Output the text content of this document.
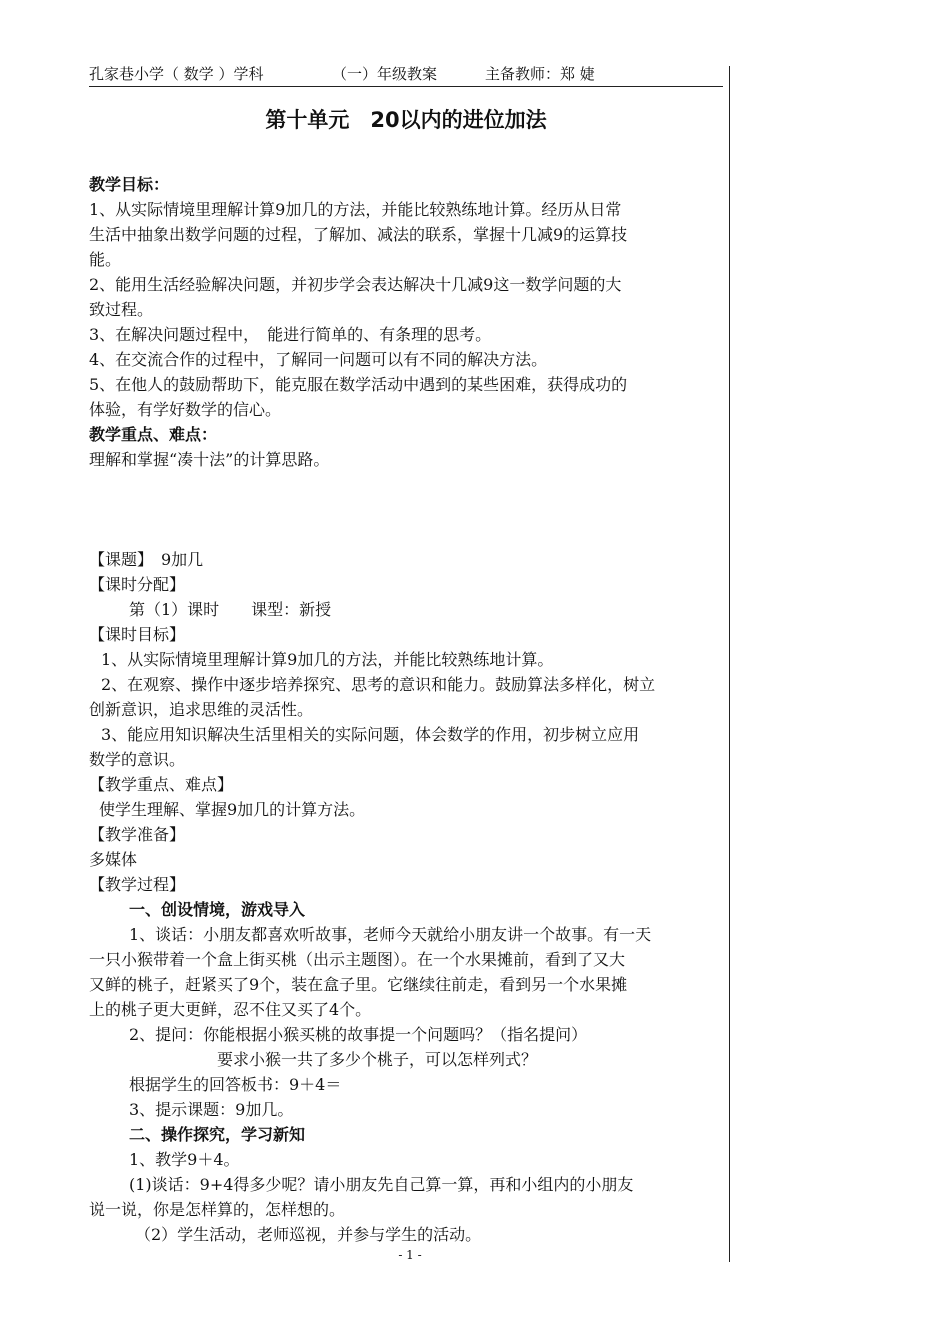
孔家巷小学（ 数学 ）学科	（一）年级教案	主备教师：郑 婕
第十单元　20以内的进位加法
教学目标：
1、从实际情境里理解计算9加几的方法，并能比较熟练地计算。经历从日常
生活中抽象出数学问题的过程，了解加、减法的联系，掌握十几减9的运算技
能。
2、能用生活经验解决问题，并初步学会表达解决十几减9这一数学问题的大
致过程。
3、在解决问题过程中，　能进行简单的、有条理的思考。
4、在交流合作的过程中，了解同一问题可以有不同的解决方法。
5、在他人的鼓励帮助下，能克服在数学活动中遇到的某些困难，获得成功的
体验，有学好数学的信心。
教学重点、难点：
理解和掌握“凑十法”的计算思路。
【课题】　9加几
【课时分配】
第（1）课时　　课型：新授
【课时目标】
1、从实际情境里理解计算9加几的方法，并能比较熟练地计算。
2、在观察、操作中逐步培养探究、思考的意识和能力。鼓励算法多样化，树立
创新意识，追求思维的灵活性。
3、能应用知识解决生活里相关的实际问题，体会数学的作用，初步树立应用
数学的意识。
【教学重点、难点】
使学生理解、掌握9加几的计算方法。
【教学准备】
多媒体
【教学过程】
一、创设情境，游戏导入
1、谈话：小朋友都喜欢听故事，老师今天就给小朋友讲一个故事。有一天
一只小猴带着一个盒上街买桃（出示主题图）。在一个水果摊前，看到了又大
又鲜的桃子，赶紧买了9个，装在盒子里。它继续往前走，看到另一个水果摊
上的桃子更大更鲜，忍不住又买了4个。
2、提问：你能根据小猴买桃的故事提一个问题吗？（指名提问）
要求小猴一共了多少个桃子，可以怎样列式？
根据学生的回答板书：9＋4＝
3、提示课题：9加几。
二、操作探究，学习新知
1、教学9＋4。
(1)谈话：9+4得多少呢？请小朋友先自己算一算，再和小组内的小朋友
说一说，你是怎样算的，怎样想的。
（2）学生活动，老师巡视，并参与学生的活动。
- 1 -
